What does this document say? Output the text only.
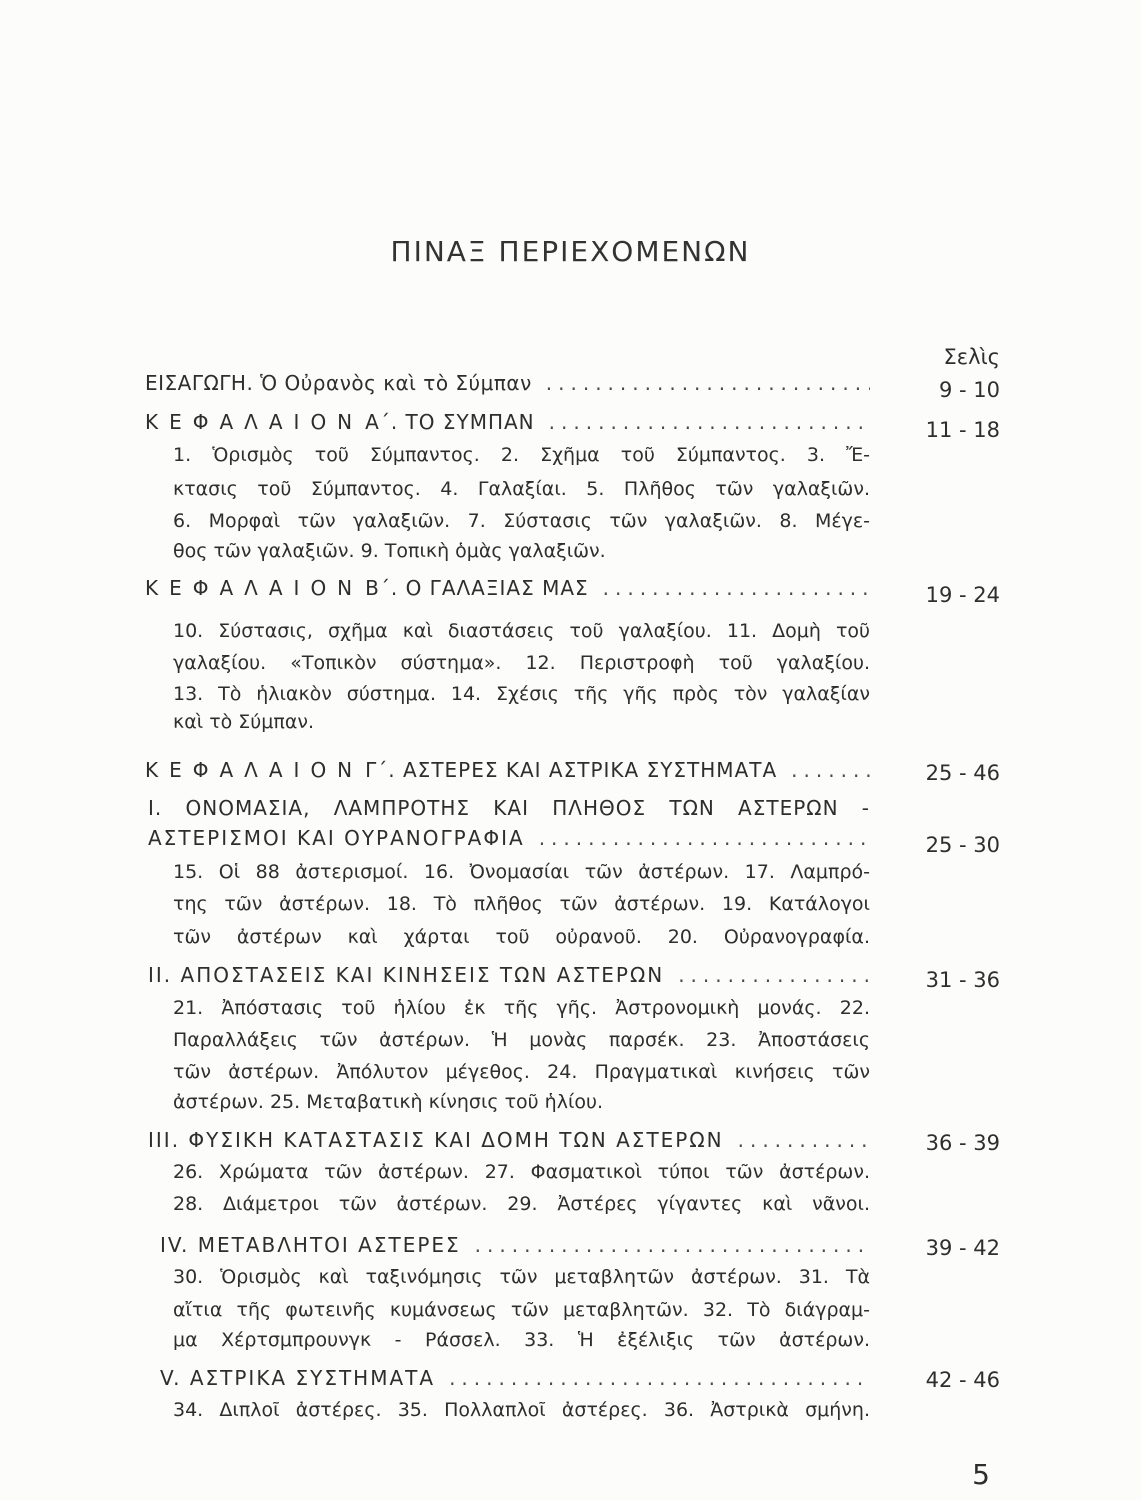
ΠΙΝΑΞ ΠΕΡΙΕΧΟΜΕΝΩΝ
Σελὶς
ΕΙΣΑΓΩΓΗ. Ὁ Οὐρανὸς καὶ τὸ Σύμπαν .....	9 - 10
ΚΕΦΑΛΑΙΟΝ Α΄. ΤΟ ΣΥΜΠΑΝ .....	11 - 18
1. Ὁρισμὸς τοῦ Σύμπαντος. 2. Σχῆμα τοῦ Σύμπαντος. 3. Ἔ-
κτασις τοῦ Σύμπαντος. 4. Γαλαξίαι. 5. Πλῆθος τῶν γαλαξιῶν.
6. Μορφαὶ τῶν γαλαξιῶν. 7. Σύστασις τῶν γαλαξιῶν. 8. Μέγε-
θος τῶν γαλαξιῶν. 9. Τοπικὴ ὁμὰς γαλαξιῶν.
ΚΕΦΑΛΑΙΟΝ Β΄. Ο ΓΑΛΑΞΙΑΣ ΜΑΣ .....	19 - 24
10. Σύστασις, σχῆμα καὶ διαστάσεις τοῦ γαλαξίου. 11. Δομὴ τοῦ
γαλαξίου. «Τοπικὸν σύστημα». 12. Περιστροφὴ τοῦ γαλαξίου.
13. Τὸ ἡλιακὸν σύστημα. 14. Σχέσις τῆς γῆς πρὸς τὸν γαλαξίαν
καὶ τὸ Σύμπαν.
ΚΕΦΑΛΑΙΟΝ Γ΄. ΑΣΤΕΡΕΣ ΚΑΙ ΑΣΤΡΙΚΑ ΣΥΣΤΗΜΑΤΑ .....	25 - 46
I. ΟΝΟΜΑΣΙΑ, ΛΑΜΠΡΟΤΗΣ ΚΑΙ ΠΛΗΘΟΣ ΤΩΝ ΑΣΤΕΡΩΝ -
ΑΣΤΕΡΙΣΜΟΙ ΚΑΙ ΟΥΡΑΝΟΓΡΑΦΙΑ .....	25 - 30
15. Οἱ 88 ἀστερισμοί. 16. Ὀνομασίαι τῶν ἀστέρων. 17. Λαμπρό-
της τῶν ἀστέρων. 18. Τὸ πλῆθος τῶν ἀστέρων. 19. Κατάλογοι
τῶν ἀστέρων καὶ χάρται τοῦ οὐρανοῦ. 20. Οὐρανογραφία.
II. ΑΠΟΣΤΑΣΕΙΣ ΚΑΙ ΚΙΝΗΣΕΙΣ ΤΩΝ ΑΣΤΕΡΩΝ .....	31 - 36
21. Ἀπόστασις τοῦ ἡλίου ἐκ τῆς γῆς. Ἀστρονομικὴ μονάς. 22.
Παραλλάξεις τῶν ἀστέρων. Ἡ μονὰς παρσέκ. 23. Ἀποστάσεις
τῶν ἀστέρων. Ἀπόλυτον μέγεθος. 24. Πραγματικαὶ κινήσεις τῶν
ἀστέρων. 25. Μεταβατικὴ κίνησις τοῦ ἡλίου.
III. ΦΥΣΙΚΗ ΚΑΤΑΣΤΑΣΙΣ ΚΑΙ ΔΟΜΗ ΤΩΝ ΑΣΤΕΡΩΝ .....	36 - 39
26. Χρώματα τῶν ἀστέρων. 27. Φασματικοὶ τύποι τῶν ἀστέρων.
28. Διάμετροι τῶν ἀστέρων. 29. Ἀστέρες γίγαντες καὶ νᾶνοι.
IV. ΜΕΤΑΒΛΗΤΟΙ ΑΣΤΕΡΕΣ .....	39 - 42
30. Ὁρισμὸς καὶ ταξινόμησις τῶν μεταβλητῶν ἀστέρων. 31. Τὰ
αἴτια τῆς φωτεινῆς κυμάνσεως τῶν μεταβλητῶν. 32. Τὸ διάγραμ-
μα Χέρτσμπρουνγκ - Ράσσελ. 33. Ἡ ἐξέλιξις τῶν ἀστέρων.
V. ΑΣΤΡΙΚΑ ΣΥΣΤΗΜΑΤΑ .....	42 - 46
34. Διπλοῖ ἀστέρες. 35. Πολλαπλοῖ ἀστέρες. 36. Ἀστρικὰ σμήνη.
5
